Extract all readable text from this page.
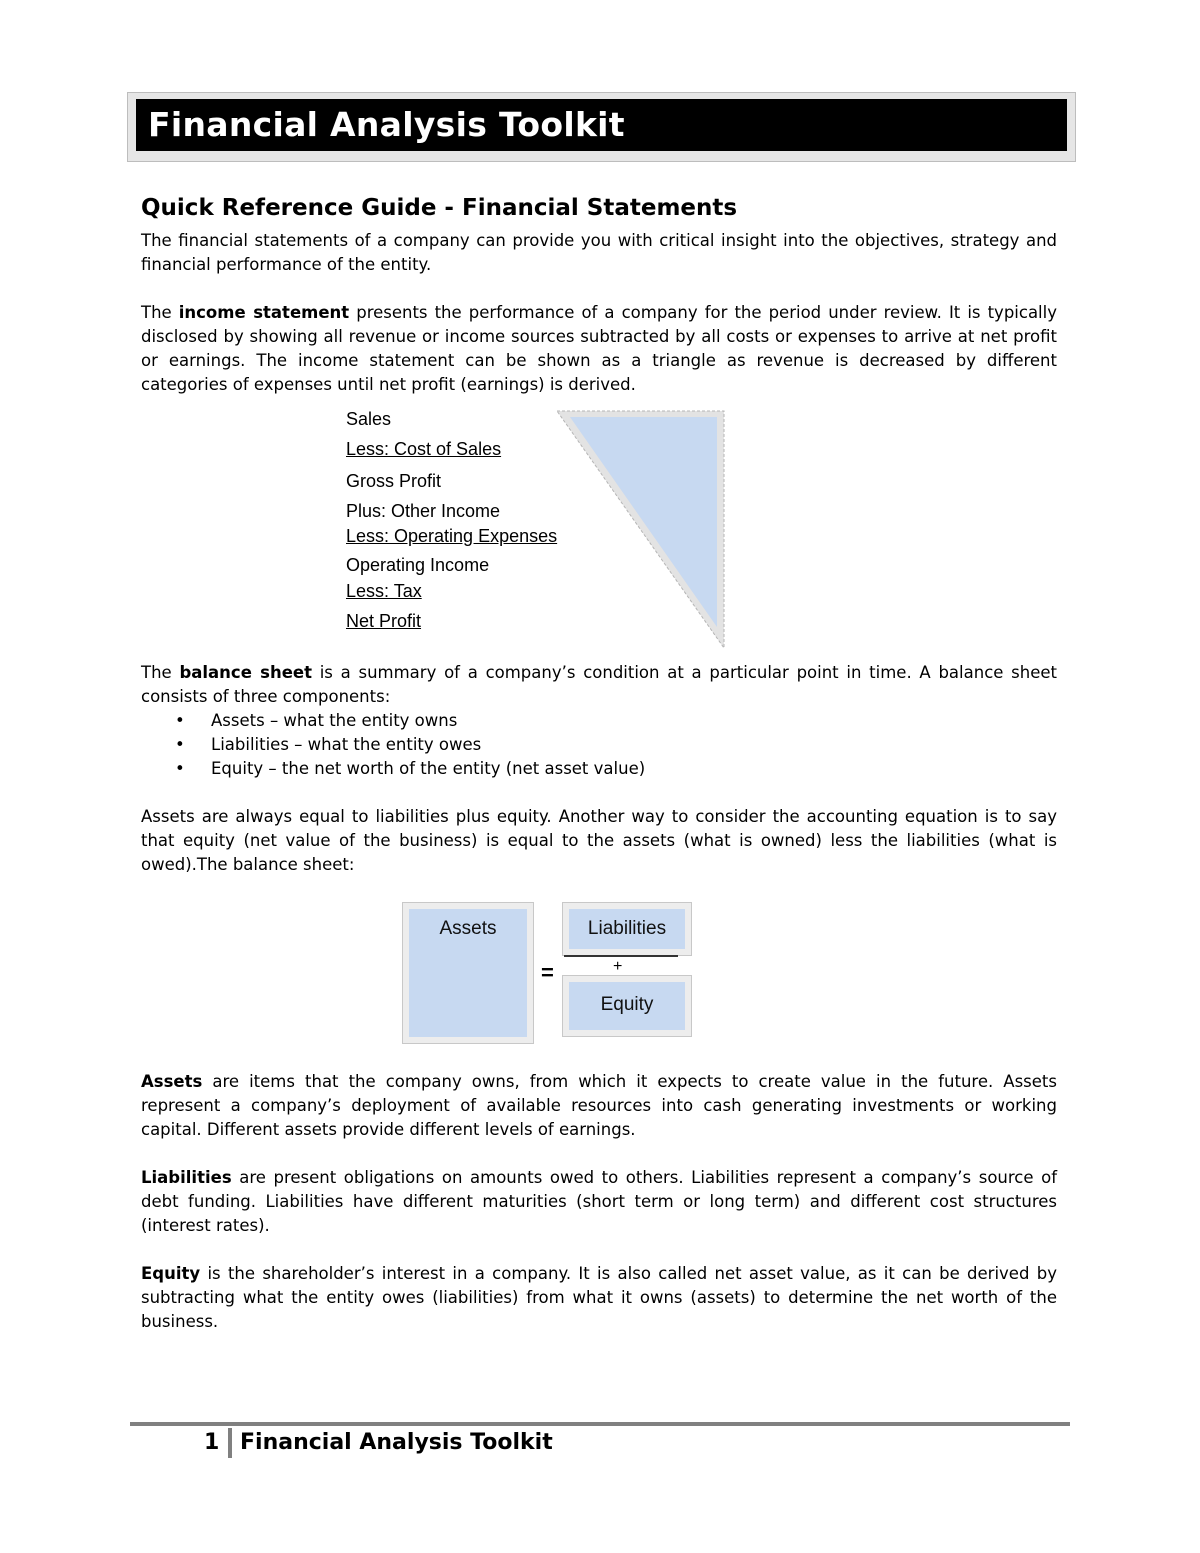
Financial Analysis Toolkit
Quick Reference Guide - Financial Statements

The financial statements of a company can provide you with critical insight into the objectives, strategy and financial performance of the entity.

The income statement presents the performance of a company for the period under review. It is typically disclosed by showing all revenue or income sources subtracted by all costs or expenses to arrive at net profit or earnings. The income statement can be shown as a triangle as revenue is decreased by different categories of expenses until net profit (earnings) is derived.

Sales
Less: Cost of Sales
Gross Profit
Plus: Other Income
Less: Operating Expenses
Operating Income
Less: Tax
Net Profit

The balance sheet is a summary of a company’s condition at a particular point in time. A balance sheet consists of three components:

• Assets – what the entity owns
• Liabilities – what the entity owes
• Equity – the net worth of the entity (net asset value)

Assets are always equal to liabilities plus equity. Another way to consider the accounting equation is to say that equity (net value of the business) is equal to the assets (what is owned) less the liabilities (what is owed).The balance sheet:

Assets
=
Liabilities
+
Equity

Assets are items that the company owns, from which it expects to create value in the future. Assets represent a company’s deployment of available resources into cash generating investments or working capital. Different assets provide different levels of earnings.

Liabilities are present obligations on amounts owed to others. Liabilities represent a company’s source of debt funding. Liabilities have different maturities (short term or long term) and different cost structures (interest rates).

Equity is the shareholder’s interest in a company. It is also called net asset value, as it can be derived by subtracting what the entity owes (liabilities) from what it owns (assets) to determine the net worth of the business.

1 Financial Analysis Toolkit
